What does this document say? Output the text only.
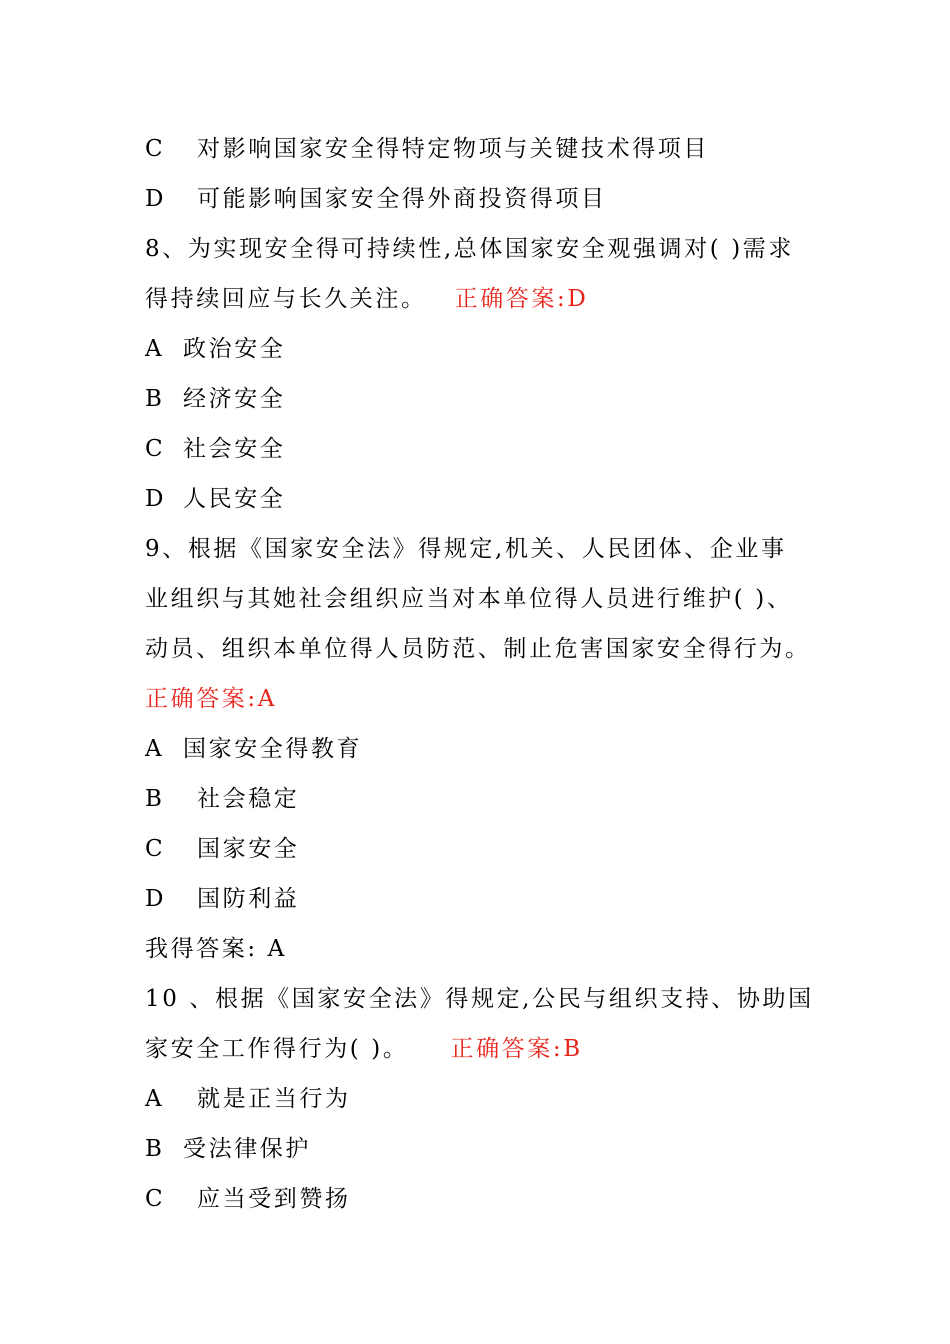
C 对影响国家安全得特定物项与关键技术得项目
D 可能影响国家安全得外商投资得项目
8、为实现安全得可持续性,总体国家安全观强调对( )需求
得持续回应与长久关注。 正确答案:D
A 政治安全
B 经济安全
C 社会安全
D 人民安全
9、根据《国家安全法》得规定,机关、人民团体、企业事
业组织与其她社会组织应当对本单位得人员进行维护( )、
动员、组织本单位得人员防范、制止危害国家安全得行为。
正确答案:A
A 国家安全得教育
B 社会稳定
C 国家安全
D 国防利益
我得答案: A
10 、根据《国家安全法》得规定,公民与组织支持、协助国
家安全工作得行为( )。 正确答案:B
A 就是正当行为
B 受法律保护
C 应当受到赞扬
